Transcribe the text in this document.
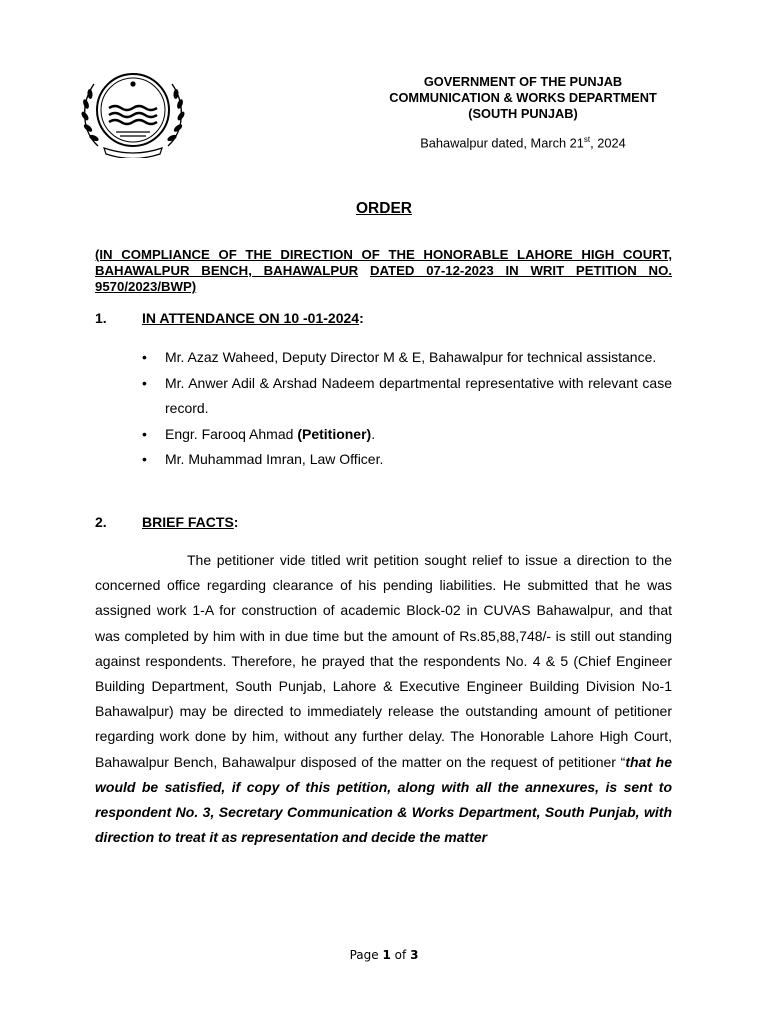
GOVERNMENT OF THE PUNJAB
COMMUNICATION & WORKS DEPARTMENT
(SOUTH PUNJAB)
Bahawalpur dated, March 21st, 2024
ORDER
(IN COMPLIANCE OF THE DIRECTION OF THE HONORABLE LAHORE HIGH COURT, BAHAWALPUR BENCH, BAHAWALPUR DATED 07-12-2023 IN WRIT PETITION NO. 9570/2023/BWP)
1.	IN ATTENDANCE ON 10 -01-2024:
• Mr. Azaz Waheed, Deputy Director M & E, Bahawalpur for technical assistance.
• Mr. Anwer Adil & Arshad Nadeem departmental representative with relevant case record.
• Engr. Farooq Ahmad (Petitioner).
• Mr. Muhammad Imran, Law Officer.
2.	BRIEF FACTS:

The petitioner vide titled writ petition sought relief to issue a direction to the concerned office regarding clearance of his pending liabilities. He submitted that he was assigned work 1-A for construction of academic Block-02 in CUVAS Bahawalpur, and that was completed by him with in due time but the amount of Rs.85,88,748/- is still out standing against respondents. Therefore, he prayed that the respondents No. 4 & 5 (Chief Engineer Building Department, South Punjab, Lahore & Executive Engineer Building Division No-1 Bahawalpur) may be directed to immediately release the outstanding amount of petitioner regarding work done by him, without any further delay. The Honorable Lahore High Court, Bahawalpur Bench, Bahawalpur disposed of the matter on the request of petitioner “that he would be satisfied, if copy of this petition, along with all the annexures, is sent to respondent No. 3, Secretary Communication & Works Department, South Punjab, with direction to treat it as representation and decide the matter

Page 1 of 3
